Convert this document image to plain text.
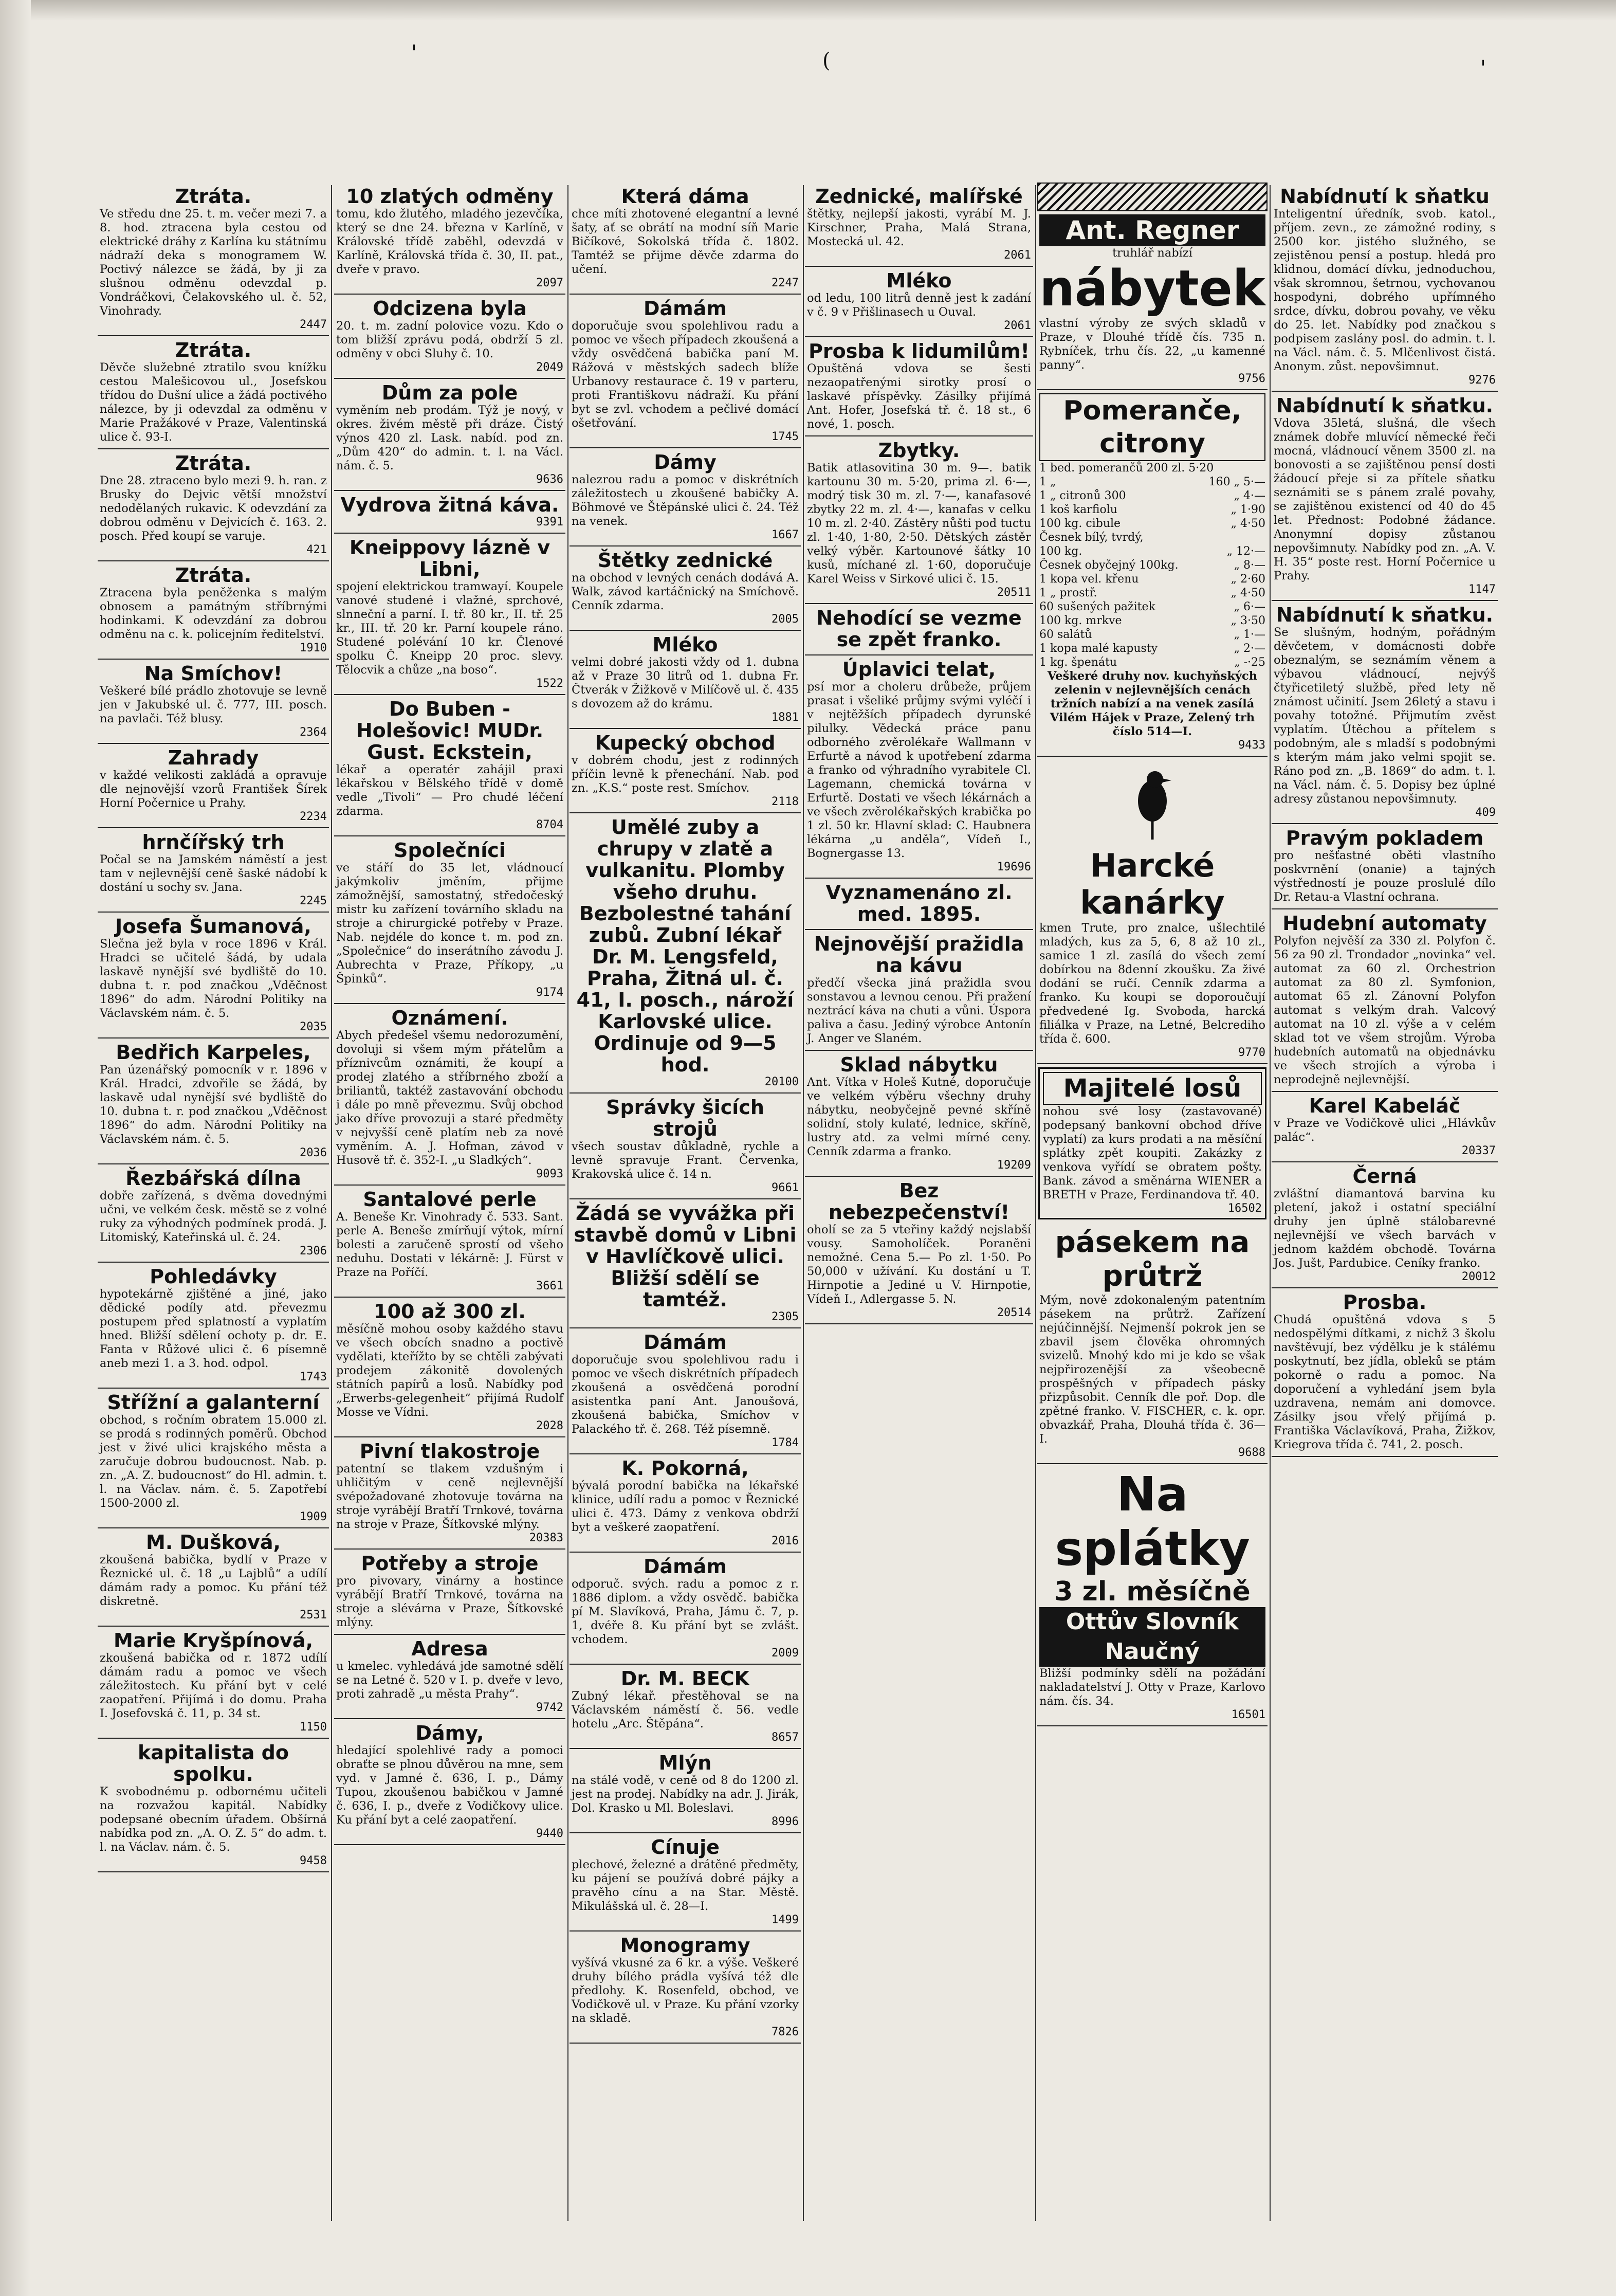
'	(	'
Ztráta.
Ve středu dne 25. t. m. večer mezi 7. a 8. hod. ztracena byla cestou od elektrické dráhy z Karlína ku státnímu nádraží deka s monogramem W. Poctivý nálezce se žádá, by ji za slušnou odměnu odevzdal p. Vondráčkovi, Čelakovského ul. č. 52, Vinohrady.
2447
Ztráta.
Děvče služebné ztratilo svou knížku cestou Malešicovou ul., Josefskou třídou do Dušní ulice a žádá poctivého nálezce, by ji odevzdal za odměnu v Marie Pražákové v Praze, Valentinská ulice č. 93-I.
Ztráta.
Dne 28. ztraceno bylo mezi 9. h. ran. z Brusky do Dejvic větší množství nedodělaných rukavic. K odevzdání za dobrou odměnu v Dejvicích č. 163. 2. posch. Před koupí se varuje.
421
Ztráta.
Ztracena byla peněženka s malým obnosem a památným stříbrnými hodinkami. K odevzdání za dobrou odměnu na c. k. policejním ředitelství.
1910
Na Smíchov!
Veškeré bílé prádlo zhotovuje se levně jen v Jakubské ul. č. 777, III. posch. na pavlači. Též blusy.
2364
Zahrady
v každé velikosti zakládá a opravuje dle nejnovější vzorů František Šírek Horní Počernice u Prahy.
2234
hrnčířský trh
Počal se na Jamském náměstí a jest tam v nejlevnější ceně šaské nádobí k dostání u sochy sv. Jana.
2245
Josefa Šumanová,
Slečna jež byla v roce 1896 v Král. Hradci se učitelé šádá, by udala laskavě nynější své bydliště do 10. dubna t. r. pod značkou „Vděčnost 1896“ do adm. Národní Politiky na Václavském nám. č. 5.
2035
Bedřich Karpeles,
Pan úzenářský pomocník v r. 1896 v Král. Hradci, zdvořile se žádá, by laskavě udal nynější své bydliště do 10. dubna t. r. pod značkou „Vděčnost 1896“ do adm. Národní Politiky na Václavském nám. č. 5.
2036
Řezbářská dílna
dobře zařízená, s dvěma dovednými učni, ve velkém česk. městě se z volné ruky za výhodných podmínek prodá. J. Litomiský, Kateřinská ul. č. 24.
2306
Pohledávky
hypotekárně zjištěné a jiné, jako dědické podíly atd. převezmu postupem před splatností a vyplatím hned. Bližší sdělení ochoty p. dr. E. Fanta v Růžové ulici č. 6 písemně aneb mezi 1. a 3. hod. odpol.
1743
Střížní a galanterní
obchod, s ročním obratem 15.000 zl. se prodá s rodinných poměrů. Obchod jest v živé ulici krajského města a zaručuje dobrou budoucnost. Nab. p. zn. „A. Z. budoucnost“ do Hl. admin. t. l. na Václav. nám. č. 5. Zapotřebí 1500-2000 zl.
1909
M. Dušková,
zkoušená babička, bydlí v Praze v Řeznické ul. č. 18 „u Lajblů“ a udílí dámám rady a pomoc. Ku přání též diskretně.
2531
Marie Kryšpínová,
zkoušená babička od r. 1872 udílí dámám radu a pomoc ve všech záležitostech. Ku přání byt v celé zaopatření. Přijímá i do domu. Praha I. Josefovská č. 11, p. 34 st.
1150
kapitalista do spolku.
K svobodnému p. odbornému učiteli na rozvažou kapitál. Nabídky podepsané obecním úřadem. Obšírná nabídka pod zn. „A. O. Z. 5“ do adm. t. l. na Václav. nám. č. 5.
9458
10 zlatých odměny
tomu, kdo žlutého, mladého jezevčíka, který se dne 24. března v Karlíně, v Královské třídě zaběhl, odevzdá v Karlíně, Královská třída č. 30, II. pat., dveře v pravo.
2097
Odcizena byla
20. t. m. zadní polovice vozu. Kdo o tom bližší zprávu podá, obdrží 5 zl. odměny v obci Sluhy č. 10.
2049
Dům za pole
vyměním neb prodám. Týž je nový, v okres. živém městě při dráze. Čistý výnos 420 zl. Lask. nabíd. pod zn. „Dům 420“ do admin. t. l. na Václ. nám. č. 5.
9636
Vydrova žitná káva.
9391
Kneippovy lázně v Libni,
spojení elektrickou tramwayí. Koupele vanové studené i vlažné, sprchové, slnneční a parní. I. tř. 80 kr., II. tř. 25 kr., III. tř. 20 kr. Parní koupele ráno. Studené polévání 10 kr. Členové spolku Č. Kneipp 20 proc. slevy. Tělocvik a chůze „na boso“.
1522
Do Buben - Holešovic! MUDr. Gust. Eckstein,
lékař a operatér zahájil praxi lékařskou v Bělského třídě v domě vedle „Tivoli“ — Pro chudé léčení zdarma.
8704
Společníci
ve stáří do 35 let, vládnoucí jakýmkoliv jměním, přijme zámožnější, samostatný, středočeský mistr ku zařízení továrního skladu na stroje a chirurgické potřeby v Praze. Nab. nejdéle do konce t. m. pod zn. „Společnice“ do inserátního závodu J. Aubrechta v Praze, Příkopy, „u Špinků“.
9174
Oznámení.
Abych předešel všemu nedorozumění, dovoluji si všem mým přátelům a příznivcům oznámiti, že koupí a prodej zlatého a stříbrného zboží a briliantů, taktéž zastavování obchodu i dále po mně převezmu. Svůj obchod jako dříve provozuji a staré předměty v nejvyšší ceně platím neb za nové vyměním. A. J. Hofman, závod v Husově tř. č. 352-I. „u Sladkých“.
9093
Santalové perle
A. Beneše Kr. Vinohrady č. 533. Sant. perle A. Beneše zmírňují výtok, mírní bolesti a zaručeně sprostí od všeho neduhu. Dostati v lékárně: J. Fürst v Praze na Poříčí.
3661
100 až 300 zl.
měsíčně mohou osoby každého stavu ve všech obcích snadno a poctivě vydělati, kteřížto by se chtěli zabývati prodejem zákonitě dovolených státních papírů a losů. Nabídky pod „Erwerbs-gelegenheit“ přijímá Rudolf Mosse ve Vídni.
2028
Pivní tlakostroje
patentní se tlakem vzdušným i uhličitým v ceně nejlevnější svépožadované zhotovuje továrna na stroje vyrábějí Bratří Trnkové, továrna na stroje v Praze, Šítkovské mlýny.
20383
Potřeby a stroje
pro pivovary, vinárny a hostince vyrábějí Bratří Trnkové, továrna na stroje a slévárna v Praze, Šítkovské mlýny.
Adresa
u kmelec. vyhledává jde samotné sdělí se na Letné č. 520 v I. p. dveře v levo, proti zahradě „u města Prahy“.
9742
Dámy,
hledající spolehlivé rady a pomoci obraťte se plnou důvěrou na mne, sem vyd. v Jamné č. 636, I. p., Dámy Tupou, zkoušenou babičkou v Jamné č. 636, I. p., dveře z Vodičkovy ulice. Ku přání byt a celé zaopatření.
9440
Která dáma
chce míti zhotovené elegantní a levné šaty, ať se obrátí na modní síň Marie Bičíkové, Sokolská třída č. 1802. Tamtéž se přijme děvče zdarma do učení.
2247
Dámám
doporučuje svou spolehlivou radu a pomoc ve všech případech zkoušená a vždy osvědčená babička paní M. Rážová v městských sadech blíže Urbanovy restaurace č. 19 v parteru, proti Františkovu nádraží. Ku přání byt se zvl. vchodem a pečlivé domácí ošetřování.
1745
Dámy
nalezrou radu a pomoc v diskrétních záležitostech u zkoušené babičky A. Böhmové ve Štěpánské ulici č. 24. Též na venek.
1667
Štětky zednické
na obchod v levných cenách dodává A. Walk, závod kartáčnický na Smíchově. Cenník zdarma.
2005
Mléko
velmi dobré jakosti vždy od 1. dubna až v Praze 30 litrů od 1. dubna Fr. Čtverák v Žižkově v Milíčově ul. č. 435 s dovozem až do krámu.
1881
Kupecký obchod
v dobrém chodu, jest z rodinných příčin levně k přenechání. Nab. pod zn. „K.S.“ poste rest. Smíchov.
2118
Umělé zuby a chrupy v zlatě a vulkanitu. Plomby všeho druhu. Bezbolestné tahání zubů. Zubní lékař Dr. M. Lengsfeld, Praha, Žitná ul. č. 41, I. posch., nároží Karlovské ulice. Ordinuje od 9—5 hod.
20100
Správky šicích strojů
všech soustav důkladně, rychle a levně spravuje Frant. Červenka, Krakovská ulice č. 14 n.
9661
Žádá se vyvážka při stavbě domů v Libni v Havlíčkově ulici. Bližší sdělí se tamtéž.
2305
Dámám
doporučuje svou spolehlivou radu i pomoc ve všech diskrétních případech zkoušená a osvědčená porodní asistentka paní Ant. Janoušová, zkoušená babička, Smíchov v Palackého tř. č. 268. Též písemně.
1784
K. Pokorná,
bývalá porodní babička na lékařské klinice, udílí radu a pomoc v Řeznické ulici č. 473. Dámy z venkova obdrží byt a veškeré zaopatření.
2016
Dámám
odporuč. svých. radu a pomoc z r. 1886 diplom. a vždy osvědč. babička pí M. Slavíková, Praha, Jámu č. 7, p. 1, dvéře 8. Ku přání byt se zvlášt. vchodem.
2009
Dr. M. BECK
Zubný lékař. přestěhoval se na Václavském náměstí č. 56. vedle hotelu „Arc. Štěpána“.
8657
Mlýn
na stálé vodě, v ceně od 8 do 1200 zl. jest na prodej. Nabídky na adr. J. Jirák, Dol. Krasko u Ml. Boleslavi.
8996
Cínuje
plechové, železné a drátěné předměty, ku pájení se používá dobré pájky a pravěho cínu a na Star. Městě. Mikulášská ul. č. 28—I.
1499
Monogramy
vyšívá vkusné za 6 kr. a výše. Veškeré druhy bílého prádla vyšívá též dle předlohy. K. Rosenfeld, obchod, ve Vodičkově ul. v Praze. Ku přání vzorky na skladě.
7826
Zednické, malířské
štětky, nejlepší jakosti, vyrábí M. J. Kirschner, Praha, Malá Strana, Mostecká ul. 42.
2061
Mléko
od ledu, 100 litrů denně jest k zadání v č. 9 v Přišlinasech u Ouval.
2061
Prosba k lidumilům!
Opuštěná vdova se šesti nezaopatřenými sirotky prosí o laskavé příspěvky. Zásilky přijímá Ant. Hofer, Josefská tř. č. 18 st., 6 nové, 1. posch.
Zbytky.
Batik atlasovitina 30 m. 9—. batik kartounu 30 m. 5·20, prima zl. 6·—, modrý tisk 30 m. zl. 7·—, kanafasové zbytky 22 m. zl. 4·—, kanafas v celku 10 m. zl. 2·40. Zástěry nůšti pod tuctu zl. 1·40, 1·80, 2·50. Dětských zástěr velký výběr. Kartounové šátky 10 kusů, míchané zl. 1·60, doporučuje Karel Weiss v Sirkové ulici č. 15.
20511
Nehodící se vezme se zpět franko.
Úplavici telat,
psí mor a choleru drůbeže, průjem prasat i všeliké průjmy svými vyléčí i v nejtěžších případech dyrunské pilulky. Vědecká práce panu odborného zvěrolékaře Wallmann v Erfurtě a návod k upotřebení zdarma a franko od výhradního vyrabitele Cl. Lagemann, chemická továrna v Erfurtě. Dostati ve všech lékárnách a ve všech zvěrolékařských krabička po 1 zl. 50 kr. Hlavní sklad: C. Haubnera lékárna „u anděla“, Vídeň I., Bognergasse 13.
19696
Vyznamenáno zl. med. 1895.
Nejnovější pražidla na kávu
předčí všecka jiná pražidla svou sonstavou a levnou cenou. Při pražení neztrácí káva na chuti a vůni. Úspora paliva a času. Jediný výrobce Antonín J. Anger ve Slaném.
Sklad nábytku
Ant. Vítka v Holeš Kutné, doporučuje ve velkém výběru všechny druhy nábytku, neobyčejně pevné skříně solidní, stoly kulaté, lednice, skříně, lustry atd. za velmi mírné ceny. Cenník zdarma a franko.
19209
Bez nebezpečenství!
oholí se za 5 vteřiny každý nejslabší vousy. Samoholíček. Poraněni nemožné. Cena 5.— Po zl. 1·50. Po 50,000 v užívání. Ku dostání u T. Hirnpotie a Jediné u V. Hirnpotie, Vídeň I., Adlergasse 5. N.
20514
Ant. Regner
truhlář nabízí
nábytek
vlastní výroby ze svých skladů v Praze, v Dlouhé třídě čís. 735 n. Rybníček, trhu čís. 22, „u kamenné panny“.
9756
Pomeranče, citrony
1 bed. pomerančů 200 zl. 5·20
1 „	160 „ 5·—
1 „ citronů 300	„ 4·—
1 koš karfiolu	„ 1·90
100 kg. cibule	„ 4·50
Česnek bílý, tvrdý,
100 kg.	„ 12·—
Česnek obyčejný 100kg.	„ 8·—
1 kopa vel. křenu	„ 2·60
1 „ prostř.	„ 4·50
60 sušených pažitek	„ 6·—
100 kg. mrkve	„ 3·50
60 salátů	„ 1·—
1 kopa malé kapusty	„ 2·—
1 kg. špenátu	„ -·25
Veškeré druhy nov. kuchyňských zelenin v nejlevnějších cenách tržních nabízí a na venek zasílá Vilém Hájek v Praze, Zelený trh číslo 514—I.
9433
Harcké kanárky
kmen Trute, pro znalce, ušlechtilé mladých, kus za 5, 6, 8 až 10 zl., samice 1 zl. zasílá do všech zemí dobírkou na 8denní zkoušku. Za živé dodání se ručí. Cenník zdarma a franko. Ku koupi se doporoučují předvedené Ig. Svoboda, harcká filiálka v Praze, na Letné, Belcrediho třída č. 600.
9770
Majitelé losů
nohou své losy (zastavované) podepsaný bankovní obchod dříve vyplatí) za kurs prodati a na měsíční splátky zpět koupiti. Zakázky z venkova vyřídí se obratem pošty. Bank. závod a směnárna WIENER a BRETH v Praze, Ferdinandova tř. 40.
16502
pásekem na průtrž
Mým, nově zdokonaleným patentním pásekem na průtrž. Zařízení nejúčinnější. Nejmenší pokrok jen se zbavil jsem člověka ohromných svizelů. Mnohý kdo mi je kdo se však nejpřirozenější za všeobecně prospěšných v případech pásky přizpůsobit. Cenník dle poř. Dop. dle zpětné franko. V. FISCHER, c. k. opr. obvazkář, Praha, Dlouhá třída č. 36—I.
9688
Na splátky
3 zl. měsíčně
Ottův Slovník Naučný
Bližší podmínky sdělí na požádání nakladatelství J. Otty v Praze, Karlovo nám. čís. 34.
16501
Nabídnutí k sňatku
Inteligentní úředník, svob. katol., příjem. zevn., ze zámožné rodiny, s 2500 kor. jistého služného, se zejistěnou pensí a postup. hledá pro klidnou, domácí dívku, jednoduchou, však skromnou, šetrnou, vychovanou hospodyni, dobrého upřímného srdce, dívku, dobrou povahy, ve věku do 25. let. Nabídky pod značkou s podpisem zaslány posl. do admin. t. l. na Václ. nám. č. 5. Mlčenlivost čistá. Anonym. zůst. nepovšimnut.
9276
Nabídnutí k sňatku.
Vdova 35letá, slušná, dle všech známek dobře mluvící německé řeči mocná, vládnoucí věnem 3500 zl. na bonovosti a se zajištěnou pensí dosti žádoucí přeje si za přítele sňatku seznámiti se s pánem zralé povahy, se zajištěnou existencí od 40 do 45 let. Přednost: Podobné žádance. Anonymní dopisy zůstanou nepovšimnuty. Nabídky pod zn. „A. V. H. 35“ poste rest. Horní Počernice u Prahy.
1147
Nabídnutí k sňatku.
Se slušným, hodným, pořádným děvčetem, v domácnosti dobře obeznalým, se seznámím věnem a výbavou vládnoucí, nejvýš čtyřicetiletý službě, před lety ně známost učinití. Jsem 26letý a stavu i povahy totožné. Přijmutím zvěst vyplatím. Útěchou a přítelem s podobným, ale s mladší s podobnými s kterým mám jako velmi spojit se. Ráno pod zn. „B. 1869“ do adm. t. l. na Václ. nám. č. 5. Dopisy bez úplné adresy zůstanou nepovšimnuty.
409
Pravým pokladem
pro nešťastné oběti vlastního poskvrnění (onanie) a tajných výstředností je pouze proslulé dílo Dr. Retau-a Vlastní ochrana.
Hudební automaty
Polyfon nejvěší za 330 zl. Polyfon č. 56 za 90 zl. Trondador „novinka“ vel. automat za 60 zl. Orchestrion automat za 80 zl. Symfonion, automat 65 zl. Zánovní Polyfon automat s velkým drah. Valcový automat na 10 zl. výše a v celém sklad tot ve všem strojům. Výroba hudebních automatů na objednávku ve všech strojích a výroba i neprodejně nejlevnější.
Karel Kabeláč
v Praze ve Vodičkově ulici „Hlávkův palác“.
20337
Černá
zvláštní diamantová barvina ku pletení, jakož i ostatní speciální druhy jen úplně stálobarevné nejlevnější ve všech barvách v jednom každém obchodě. Továrna Jos. Jušt, Pardubice. Ceníky franko.
20012
Prosba.
Chudá opuštěná vdova s 5 nedospělými dítkami, z nichž 3 školu navštěvují, bez výdělku je k stálému poskytnutí, bez jídla, obleků se ptám pokorně o radu a pomoc. Na doporučení a vyhledání jsem byla uzdravena, nemám ani domovce. Zásilky jsou vřelý přijímá p. Františka Václavíková, Praha, Žižkov, Kriegrova třída č. 741, 2. posch.
